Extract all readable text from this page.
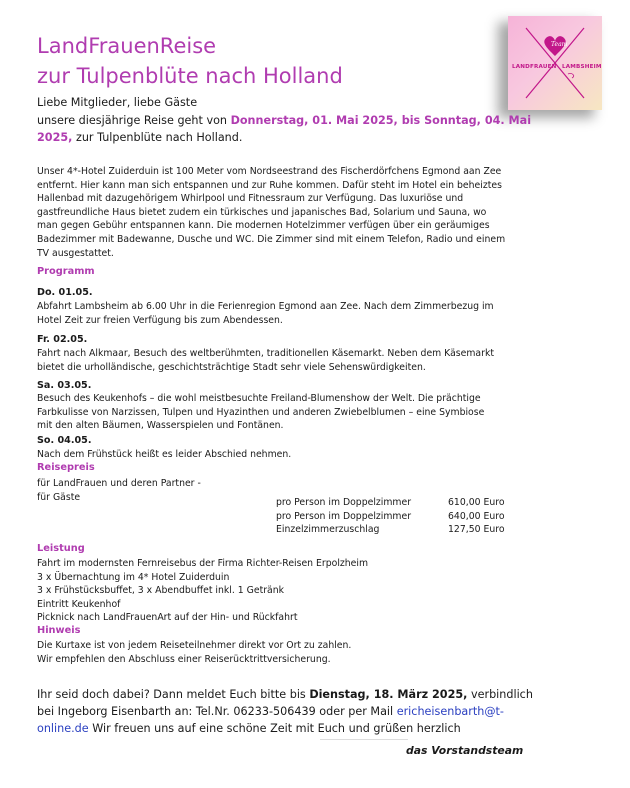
LandFrauenReise
zur Tulpenblüte nach Holland
Team
LANDFRAUEN LAMBSHEIM
Liebe Mitglieder, liebe Gäste
unsere diesjährige Reise geht von Donnerstag, 01. Mai 2025, bis Sonntag, 04. Mai
2025, zur Tulpenblüte nach Holland.
Unser 4*-Hotel Zuiderduin ist 100 Meter vom Nordseestrand des Fischerdörfchens Egmond aan Zee
entfernt. Hier kann man sich entspannen und zur Ruhe kommen. Dafür steht im Hotel ein beheiztes
Hallenbad mit dazugehörigem Whirlpool und Fitnessraum zur Verfügung. Das luxuriöse und
gastfreundliche Haus bietet zudem ein türkisches und japanisches Bad, Solarium und Sauna, wo
man gegen Gebühr entspannen kann. Die modernen Hotelzimmer verfügen über ein geräumiges
Badezimmer mit Badewanne, Dusche und WC. Die Zimmer sind mit einem Telefon, Radio und einem
TV ausgestattet.
Programm
Do. 01.05.
Abfahrt Lambsheim ab 6.00 Uhr in die Ferienregion Egmond aan Zee. Nach dem Zimmerbezug im
Hotel Zeit zur freien Verfügung bis zum Abendessen.
Fr. 02.05.
Fahrt nach Alkmaar, Besuch des weltberühmten, traditionellen Käsemarkt. Neben dem Käsemarkt
bietet die urholländische, geschichtsträchtige Stadt sehr viele Sehenswürdigkeiten.
Sa. 03.05.
Besuch des Keukenhofs – die wohl meistbesuchte Freiland-Blumenshow der Welt. Die prächtige
Farbkulisse von Narzissen, Tulpen und Hyazinthen und anderen Zwiebelblumen – eine Symbiose
mit den alten Bäumen, Wasserspielen und Fontänen.
So. 04.05.
Nach dem Frühstück heißt es leider Abschied nehmen.
Reisepreis
für LandFrauen und deren Partner -
für Gäste	pro Person im Doppelzimmer
pro Person im Doppelzimmer
Einzelzimmerzuschlag
610,00 Euro
640,00 Euro
127,50 Euro
Leistung
Fahrt im modernsten Fernreisebus der Firma Richter-Reisen Erpolzheim
3 x Übernachtung im 4* Hotel Zuiderduin
3 x Frühstücksbuffet, 3 x Abendbuffet inkl. 1 Getränk
Eintritt Keukenhof
Picknick nach LandFrauenArt auf der Hin- und Rückfahrt
Hinweis
Die Kurtaxe ist von jedem Reiseteilnehmer direkt vor Ort zu zahlen.
Wir empfehlen den Abschluss einer Reiserücktrittversicherung.
Ihr seid doch dabei? Dann meldet Euch bitte bis Dienstag, 18. März 2025, verbindlich
bei Ingeborg Eisenbarth an: Tel.Nr. 06233-506439 oder per Mail ericheisenbarth@t-
online.de Wir freuen uns auf eine schöne Zeit mit Euch und grüßen herzlich
das Vorstandsteam
